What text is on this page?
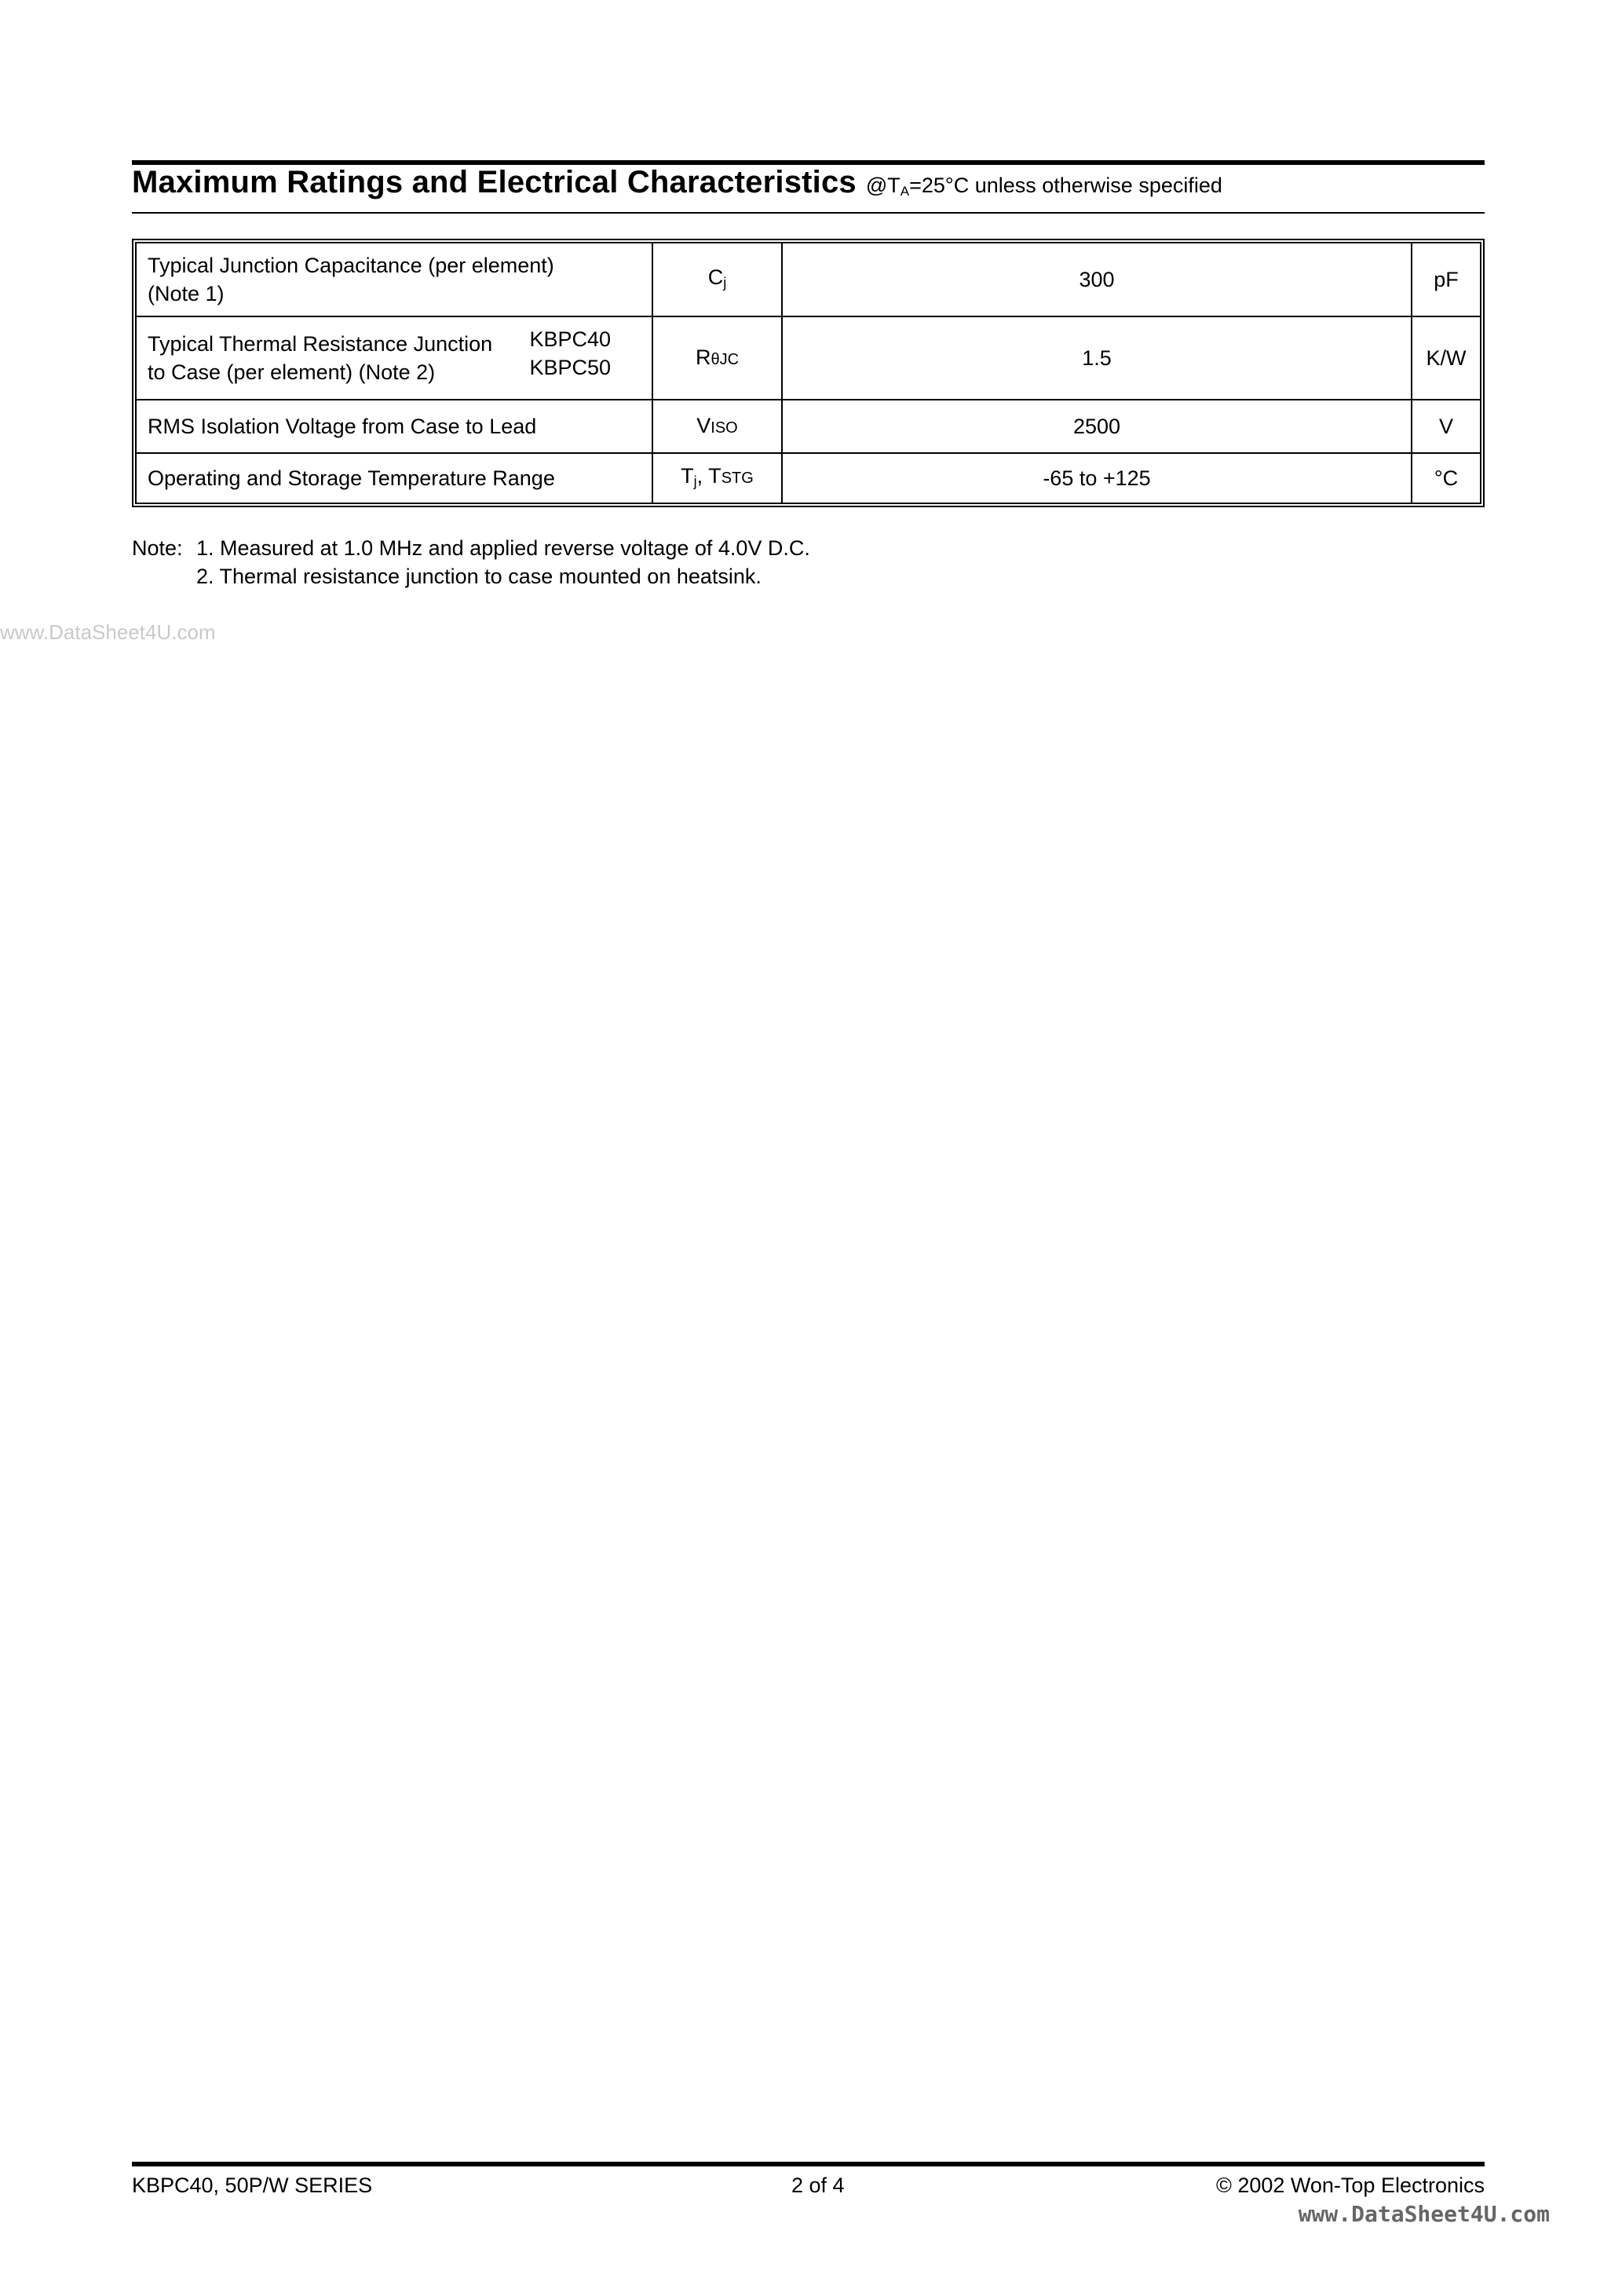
Maximum Ratings and Electrical Characteristics $@T_A=25^\circ C$ unless otherwise specified
Typical Junction Capacitance (per element)
(Note 1)	$C_j$	300	pF

Typical Thermal Resistance Junction
to Case (per element) (Note 2)
KBPC40
KBPC50	RθJC	1.5	K/W

RMS Isolation Voltage from Case to Lead	VISO	2500	V

Operating and Storage Temperature Range	$T_j$, TSTG	-65 to +125	°C
Note: 1. Measured at 1.0 MHz and applied reverse voltage of 4.0V D.C.
2. Thermal resistance junction to case mounted on heatsink.
www.DataSheet4U.com
KBPC40, 50P/W SERIES	2 of 4	© 2002 Won-Top Electronics
www.DataSheet4U.com
